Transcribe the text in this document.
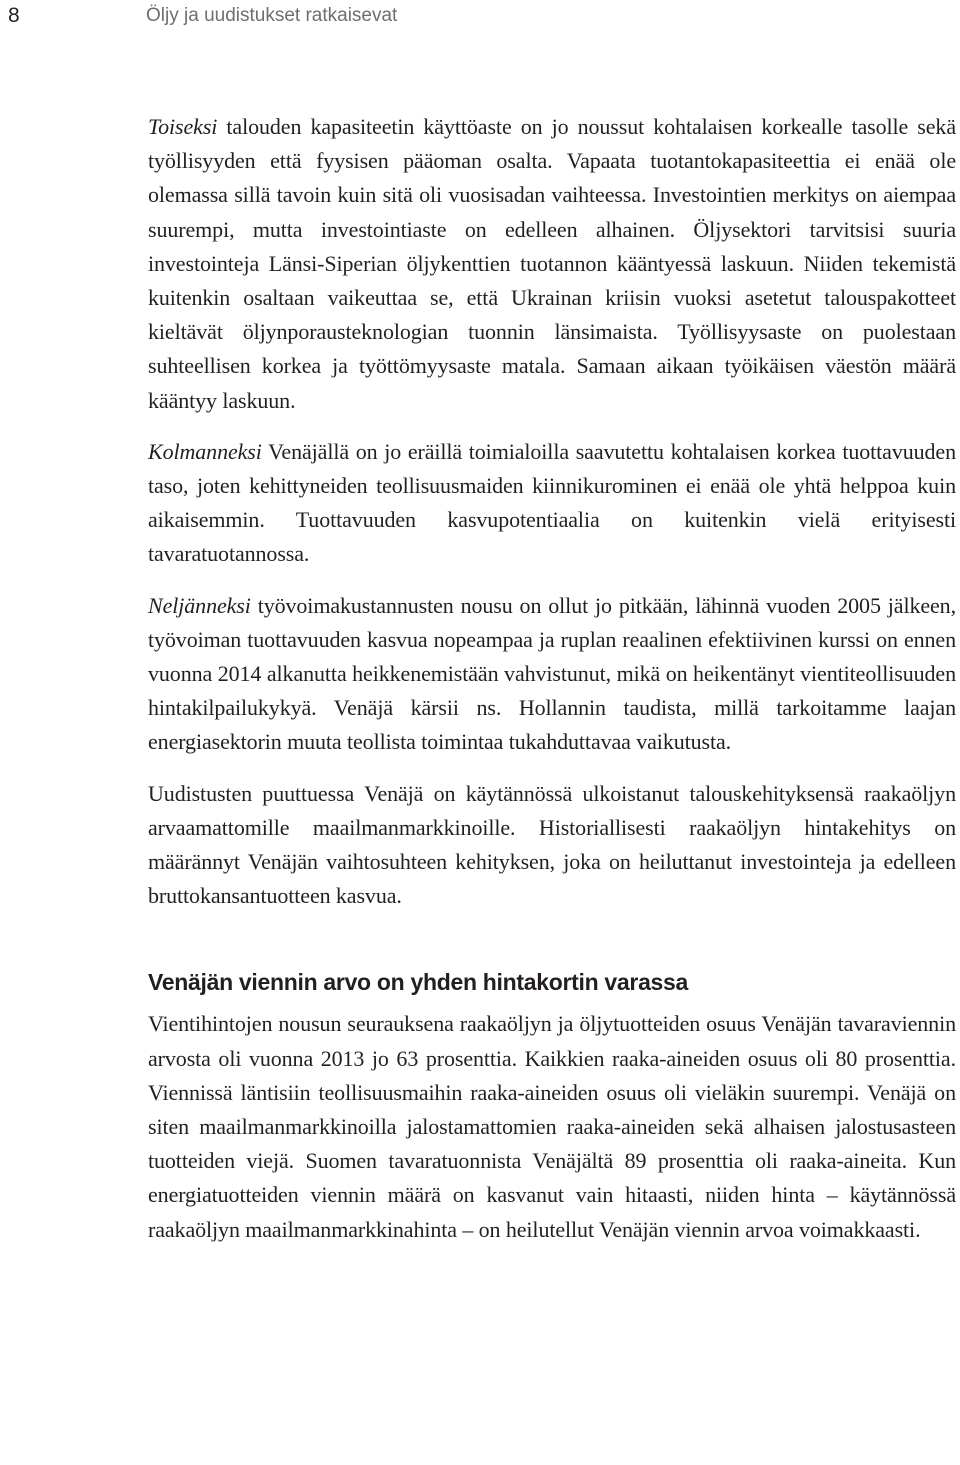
8	Öljy ja uudistukset ratkaisevat

Toiseksi talouden kapasiteetin käyttöaste on jo noussut kohtalaisen korkealle tasolle sekä työllisyyden että fyysisen pääoman osalta. Vapaata tuotantokapasiteettia ei enää ole olemassa sillä tavoin kuin sitä oli vuosisadan vaihteessa. Investointien merkitys on aiempaa suurempi, mutta investointiaste on edelleen alhainen. Öljysektori tarvitsisi suuria investointeja Länsi-Siperian öljykenttien tuotannon kääntyessä laskuun. Niiden tekemistä kuitenkin osaltaan vaikeuttaa se, että Ukrainan kriisin vuoksi asetetut talouspakotteet kieltävät öljynporausteknologian tuonnin länsimaista. Työllisyysaste on puolestaan suhteellisen korkea ja työttömyysaste matala. Samaan aikaan työikäisen väestön määrä kääntyy laskuun.

Kolmanneksi Venäjällä on jo eräillä toimialoilla saavutettu kohtalaisen korkea tuottavuuden taso, joten kehittyneiden teollisuusmaiden kiinnikurominen ei enää ole yhtä helppoa kuin aikaisemmin. Tuottavuuden kasvupotentiaalia on kuitenkin vielä erityisesti tavaratuotannossa.

Neljänneksi työvoimakustannusten nousu on ollut jo pitkään, lähinnä vuoden 2005 jälkeen, työvoiman tuottavuuden kasvua nopeampaa ja ruplan reaalinen efektiivinen kurssi on ennen vuonna 2014 alkanutta heikkenemistään vahvistunut, mikä on heikentänyt vientiteollisuuden hintakilpailukykyä. Venäjä kärsii ns. Hollannin taudista, millä tarkoitamme laajan energiasektorin muuta teollista toimintaa tukahduttavaa vaikutusta.

Uudistusten puuttuessa Venäjä on käytännössä ulkoistanut talouskehityksensä raakaöljyn arvaamattomille maailmanmarkkinoille. Historiallisesti raakaöljyn hintakehitys on määrännyt Venäjän vaihtosuhteen kehityksen, joka on heiluttanut investointeja ja edelleen bruttokansantuotteen kasvua.

Venäjän viennin arvo on yhden hintakortin varassa

Vientihintojen nousun seurauksena raakaöljyn ja öljytuotteiden osuus Venäjän tavaraviennin arvosta oli vuonna 2013 jo 63 prosenttia. Kaikkien raaka-aineiden osuus oli 80 prosenttia. Viennissä läntisiin teollisuusmaihin raaka-aineiden osuus oli vieläkin suurempi. Venäjä on siten maailmanmarkkinoilla jalostamattomien raaka-aineiden sekä alhaisen jalostusasteen tuotteiden viejä. Suomen tavaratuonnista Venäjältä 89 prosenttia oli raaka-aineita. Kun energiatuotteiden viennin määrä on kasvanut vain hitaasti, niiden hinta – käytännössä raakaöljyn maailmanmarkkinahinta – on heilutellut Venäjän viennin arvoa voimakkaasti.
